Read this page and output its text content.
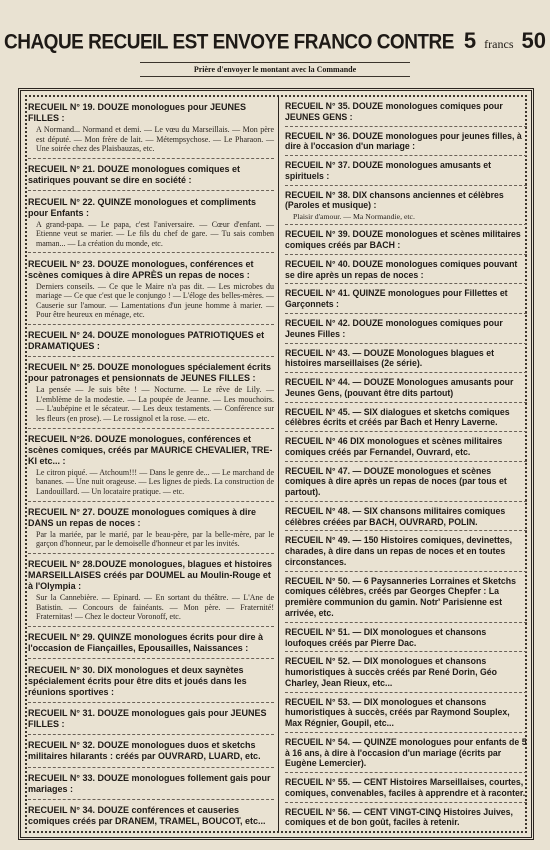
CHAQUE RECUEIL EST ENVOYE FRANCO CONTRE 5 francs 50
Prière d'envoyer le montant avec la Commande
RECUEIL N° 19. DOUZE monologues pour JEUNES FILLES :
A Normand... Normand et demi. — Le vœu du Marseillais. — Mon père est député. — Mon frère de lait. — Métempsychose. — Le Pharaon. — Une soirée chez des Plaisbauzas, etc.
RECUEIL N° 21. DOUZE monologues comiques et satiriques pouvant se dire en société :
RECUEIL N° 22. QUINZE monologues et compliments pour Enfants :
A grand-papa. — Le papa, c'est l'aniversaire. — Cœur d'enfant. — Etienne veut se marier. — Le fils du chef de gare. — Tu sais comben maman... — La création du monde, etc.
RECUEIL N° 23. DOUZE monologues, conférences et scènes comiques à dire APRÈS un repas de noces :
Derniers conseils. — Ce que le Maire n'a pas dit. — Les microbes du mariage — Ce que c'est que le conjungo ! — L'éloge des belles-mères. — Causerie sur l'amour. — Lamentations d'un jeune homme à marier. — Pour être heureux en ménage, etc.
RECUEIL N° 24. DOUZE monologues PATRIOTIQUES et DRAMATIQUES :
RECUEIL N° 25. DOUZE monologues spécialement écrits pour patronages et pensionnats de JEUNES FILLES :
La pensée — Je suis bête ! — Nocturne. — Le rêve de Lily. — L'emblème de la modestie. — La poupée de Jeanne. — Les mouchoirs. — L'aubépine et le sécateur. — Les deux testaments. — Conférence sur les fleurs (en prose). — Le rossignol et la rose. — etc.
RECUEIL N°26. DOUZE monologues, conférences et scènes comiques, créés par MAURICE CHEVALIER, TRE-KI etc... :
Le citron piqué. — Atchoum!!! — Dans le genre de... — Le marchand de bananes. — Une nuit orageuse. — Les lignes de pieds. La construction de Landouillard. — Un locataire pratique. — etc.
RECUEIL N° 27. DOUZE monologues comiques à dire DANS un repas de noces :
Par la mariée, par le marié, par le beau-père, par la belle-mère, par le garçon d'honneur, par le demoiselle d'honneur et par les invités.
RECUEIL N° 28.DOUZE monologues, blagues et histoires MARSEILLAISES créés par DOUMEL au Moulin-Rouge et à l'Olympia :
Sur la Cannebière. — Epinard. — En sortant du théâtre. — L'Ane de Batistin. — Concours de fainéants. — Mon père. — Fraternité! Fraternitas! — Chez le docteur Voronoff, etc.
RECUEIL N° 29. QUINZE monologues écrits pour dire à l'occasion de Fiançailles, Epousailles, Naissances :
RECUEIL N° 30. DIX monologues et deux saynètes spécialement écrits pour être dits et joués dans les réunions sportives :
RECUEIL N° 31. DOUZE monologues gais pour JEUNES FILLES :
RECUEIL N° 32. DOUZE monologues duos et sketchs militaires hilarants : créés par OUVRARD, LUARD, etc.
RECUEIL N° 33. DOUZE monologues follement gais pour mariages :
RECUEIL N° 34. DOUZE conférences et causeries comiques créés par DRANEM, TRAMEL, BOUCOT, etc...
RECUEIL N° 35. DOUZE monologues comiques pour JEUNES GENS :
RECUEIL N° 36. DOUZE monologues pour jeunes filles, à dire à l'occasion d'un mariage :
RECUEIL N° 37. DOUZE monologues amusants et spirituels :
RECUEIL N° 38. DIX chansons anciennes et célèbres (Paroles et musique) :
Plaisir d'amour. — Ma Normandie, etc.
RECUEIL N° 39. DOUZE monologues et scènes militaires comiques créés par BACH :
RECUEIL N° 40. DOUZE monologues comiques pouvant se dire après un repas de noces :
RECUEIL N° 41. QUINZE monologues pour Fillettes et Garçonnets :
RECUEIL N° 42. DOUZE monologues comiques pour Jeunes Filles :
RECUEIL N° 43. — DOUZE Monologues blagues et histoires marseillaises (2e série).
RECUEIL N° 44. — DOUZE Monologues amusants pour Jeunes Gens, (pouvant être dits partout)
RECUEIL N° 45. — SIX dialogues et sketchs comiques célèbres écrits et créés par Bach et Henry Laverne.
RECUEIL N° 46 DIX monologues et scènes militaires comiques créés par Fernandel, Ouvrard, etc.
RECUEIL N° 47. — DOUZE monologues et scènes comiques à dire après un repas de noces (par tous et partout).
RECUEIL N° 48. — SIX chansons militaires comiques célèbres créées par BACH, OUVRARD, POLIN.
RECUEIL N° 49. — 150 Histoires comiques, devinettes, charades, à dire dans un repas de noces et en toutes circonstances.
RECUEIL N° 50. — 6 Paysanneries Lorraines et Sketchs comiques célèbres, créés par Georges Chepfer : La première communion du gamin. Notr' Parisienne est arrivée, etc.
RECUEIL N° 51. — DIX monologues et chansons loufoques créés par Pierre Dac.
RECUEIL N° 52. — DIX monologues et chansons humoristiques à succès créés par René Dorin, Géo Charley, Jean Rieux, etc...
RECUEIL N° 53. — DIX monologues et chansons humoristiques à succès, créés par Raymond Souplex, Max Régnier, Goupil, etc...
RECUEIL N° 54. — QUINZE monologues pour enfants de 5 à 16 ans, à dire à l'occasion d'un mariage (écrits par Eugène Lemercier).
RECUEIL N° 55. — CENT Histoires Marseillaises, courtes, comiques, convenables, faciles à apprendre et à raconter.
RECUEIL N° 56. — CENT VINGT-CINQ Histoires Juives, comiques et de bon goût, faciles à retenir.
